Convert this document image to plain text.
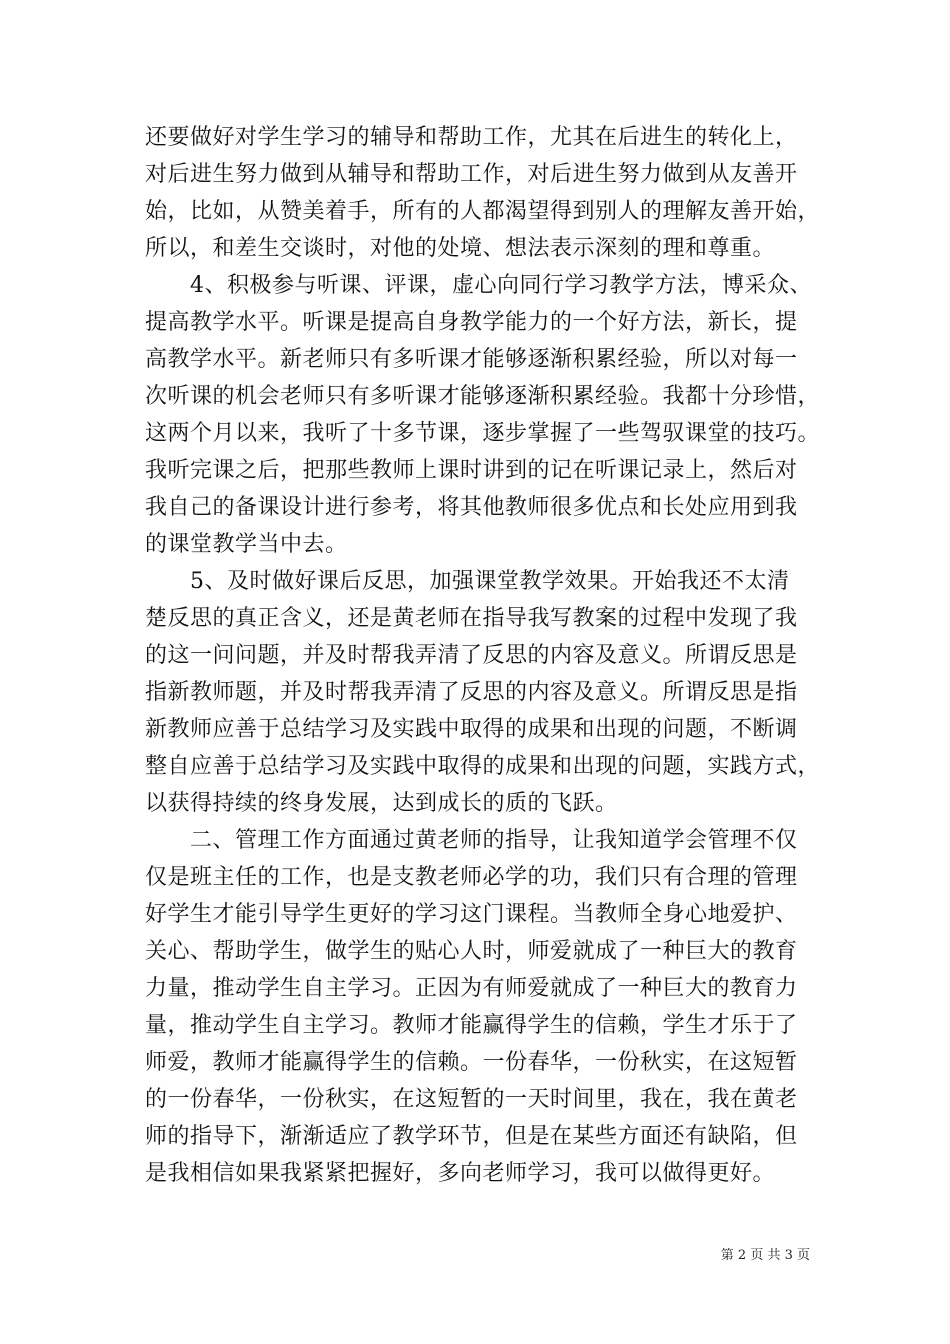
还要做好对学生学习的辅导和帮助工作，尤其在后进生的转化上，
对后进生努力做到从辅导和帮助工作，对后进生努力做到从友善开
始，比如，从赞美着手，所有的人都渴望得到别人的理解友善开始，
所以，和差生交谈时，对他的处境、想法表示深刻的理和尊重。
4、积极参与听课、评课，虚心向同行学习教学方法，博采众、
提高教学水平。听课是提高自身教学能力的一个好方法，新长，提
高教学水平。新老师只有多听课才能够逐渐积累经验，所以对每一
次听课的机会老师只有多听课才能够逐渐积累经验。我都十分珍惜，
这两个月以来，我听了十多节课，逐步掌握了一些驾驭课堂的技巧。
我听完课之后，把那些教师上课时讲到的记在听课记录上，然后对
我自己的备课设计进行参考，将其他教师很多优点和长处应用到我
的课堂教学当中去。
5、及时做好课后反思，加强课堂教学效果。开始我还不太清
楚反思的真正含义，还是黄老师在指导我写教案的过程中发现了我
的这一问问题，并及时帮我弄清了反思的内容及意义。所谓反思是
指新教师题，并及时帮我弄清了反思的内容及意义。所谓反思是指
新教师应善于总结学习及实践中取得的成果和出现的问题，不断调
整自应善于总结学习及实践中取得的成果和出现的问题，实践方式，
以获得持续的终身发展，达到成长的质的飞跃。
二、管理工作方面通过黄老师的指导，让我知道学会管理不仅
仅是班主任的工作，也是支教老师必学的功，我们只有合理的管理
好学生才能引导学生更好的学习这门课程。当教师全身心地爱护、
关心、帮助学生，做学生的贴心人时，师爱就成了一种巨大的教育
力量，推动学生自主学习。正因为有师爱就成了一种巨大的教育力
量，推动学生自主学习。教师才能赢得学生的信赖，学生才乐于了
师爱，教师才能赢得学生的信赖。一份春华，一份秋实，在这短暂
的一份春华，一份秋实，在这短暂的一天时间里，我在，我在黄老
师的指导下，渐渐适应了教学环节，但是在某些方面还有缺陷，但
是我相信如果我紧紧把握好，多向老师学习，我可以做得更好。
第 2 页 共 3 页
